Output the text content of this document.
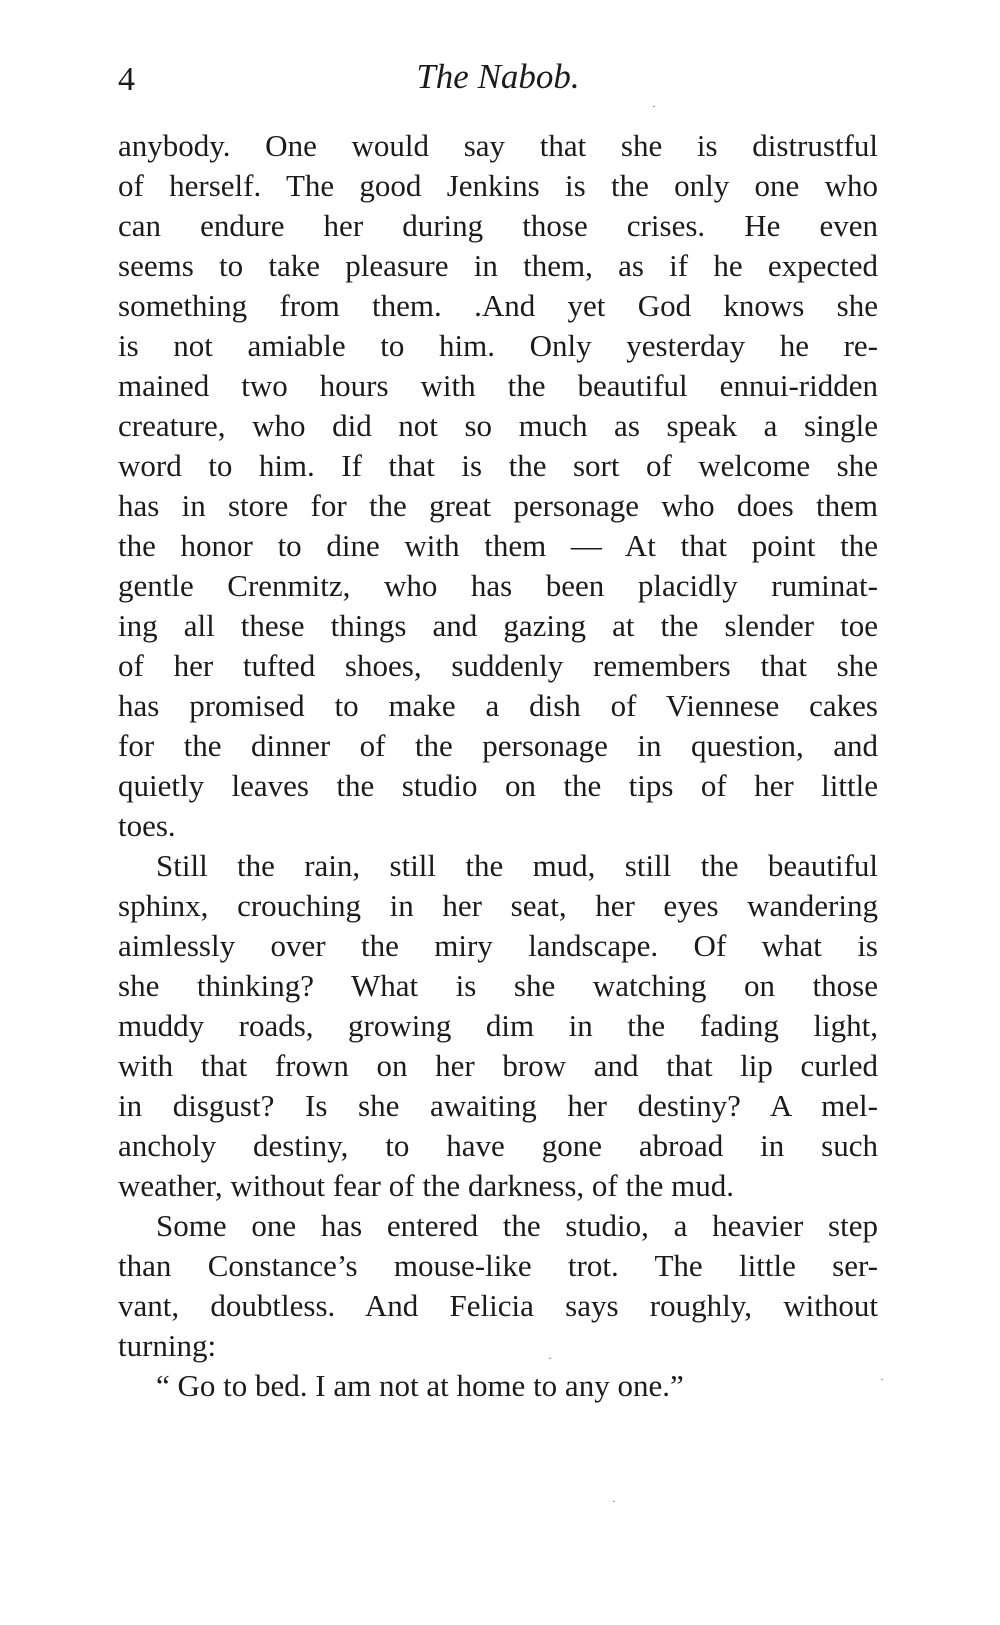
4	The Nabob.
anybody. One would say that she is distrustful
of herself. The good Jenkins is the only one who
can endure her during those crises. He even
seems to take pleasure in them, as if he expected
something from them. .And yet God knows she
is not amiable to him. Only yesterday he re-
mained two hours with the beautiful ennui-ridden
creature, who did not so much as speak a single
word to him. If that is the sort of welcome she
has in store for the great personage who does them
the honor to dine with them — At that point the
gentle Crenmitz, who has been placidly ruminat-
ing all these things and gazing at the slender toe
of her tufted shoes, suddenly remembers that she
has promised to make a dish of Viennese cakes
for the dinner of the personage in question, and
quietly leaves the studio on the tips of her little
toes.
Still the rain, still the mud, still the beautiful
sphinx, crouching in her seat, her eyes wandering
aimlessly over the miry landscape. Of what is
she thinking? What is she watching on those
muddy roads, growing dim in the fading light,
with that frown on her brow and that lip curled
in disgust? Is she awaiting her destiny? A mel-
ancholy destiny, to have gone abroad in such
weather, without fear of the darkness, of the mud.
Some one has entered the studio, a heavier step
than Constance’s mouse-like trot. The little ser-
vant, doubtless. And Felicia says roughly, without
turning:
“ Go to bed. I am not at home to any one.”
·
·
·
·
